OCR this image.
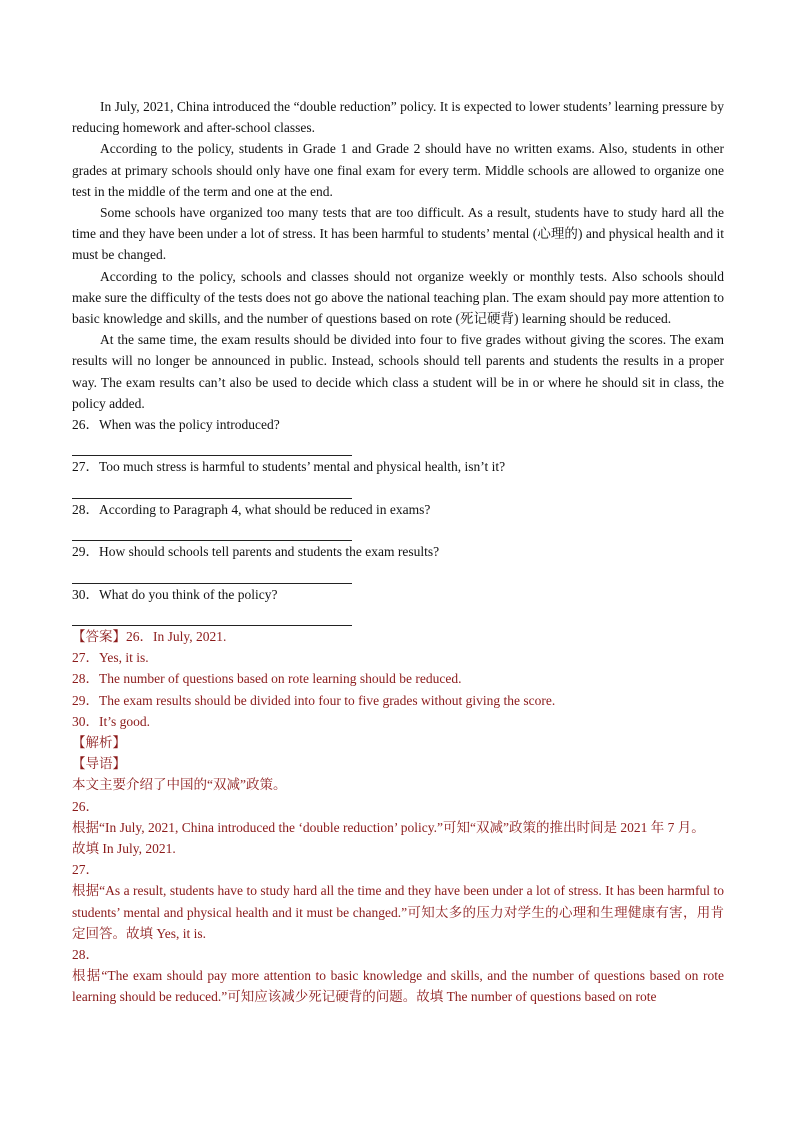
In July, 2021, China introduced the “double reduction” policy. It is expected to lower students’ learning pressure by reducing homework and after-school classes.

According to the policy, students in Grade 1 and Grade 2 should have no written exams. Also, students in other grades at primary schools should only have one final exam for every term. Middle schools are allowed to organize one test in the middle of the term and one at the end.

Some schools have organized too many tests that are too difficult. As a result, students have to study hard all the time and they have been under a lot of stress. It has been harmful to students’ mental (心理的) and physical health and it must be changed.

According to the policy, schools and classes should not organize weekly or monthly tests. Also schools should make sure the difficulty of the tests does not go above the national teaching plan. The exam should pay more attention to basic knowledge and skills, and the number of questions based on rote (死记硬背) learning should be reduced.

At the same time, the exam results should be divided into four to five grades without giving the scores. The exam results will no longer be announced in public. Instead, schools should tell parents and students the results in a proper way. The exam results can’t also be used to decide which class a student will be in or where he should sit in class, the policy added.

26．When was the policy introduced?
27．Too much stress is harmful to students’ mental and physical health, isn’t it?
28．According to Paragraph 4, what should be reduced in exams?
29．How should schools tell parents and students the exam results?
30．What do you think of the policy?
【答案】26．In July, 2021.
27．Yes, it is.
28．The number of questions based on rote learning should be reduced.
29．The exam results should be divided into four to five grades without giving the score.
30．It’s good.
【解析】
【导语】
本文主要介绍了中国的“双减”政策。
26．

根据“In July, 2021, China introduced the ‘double reduction’ policy.”可知“双减”政策的推出时间是 2021 年 7 月。

故填 In July, 2021.

27．

根据“As a result, students have to study hard all the time and they have been under a lot of stress. It has been harmful to students’ mental and physical health and it must be changed.”可知太多的压力对学生的心理和生理健康有害，用肯定回答。故填 Yes, it is.

28．

根据“The exam should pay more attention to basic knowledge and skills, and the number of questions based on rote learning should be reduced.”可知应该减少死记硬背的问题。故填 The number of questions based on rote
